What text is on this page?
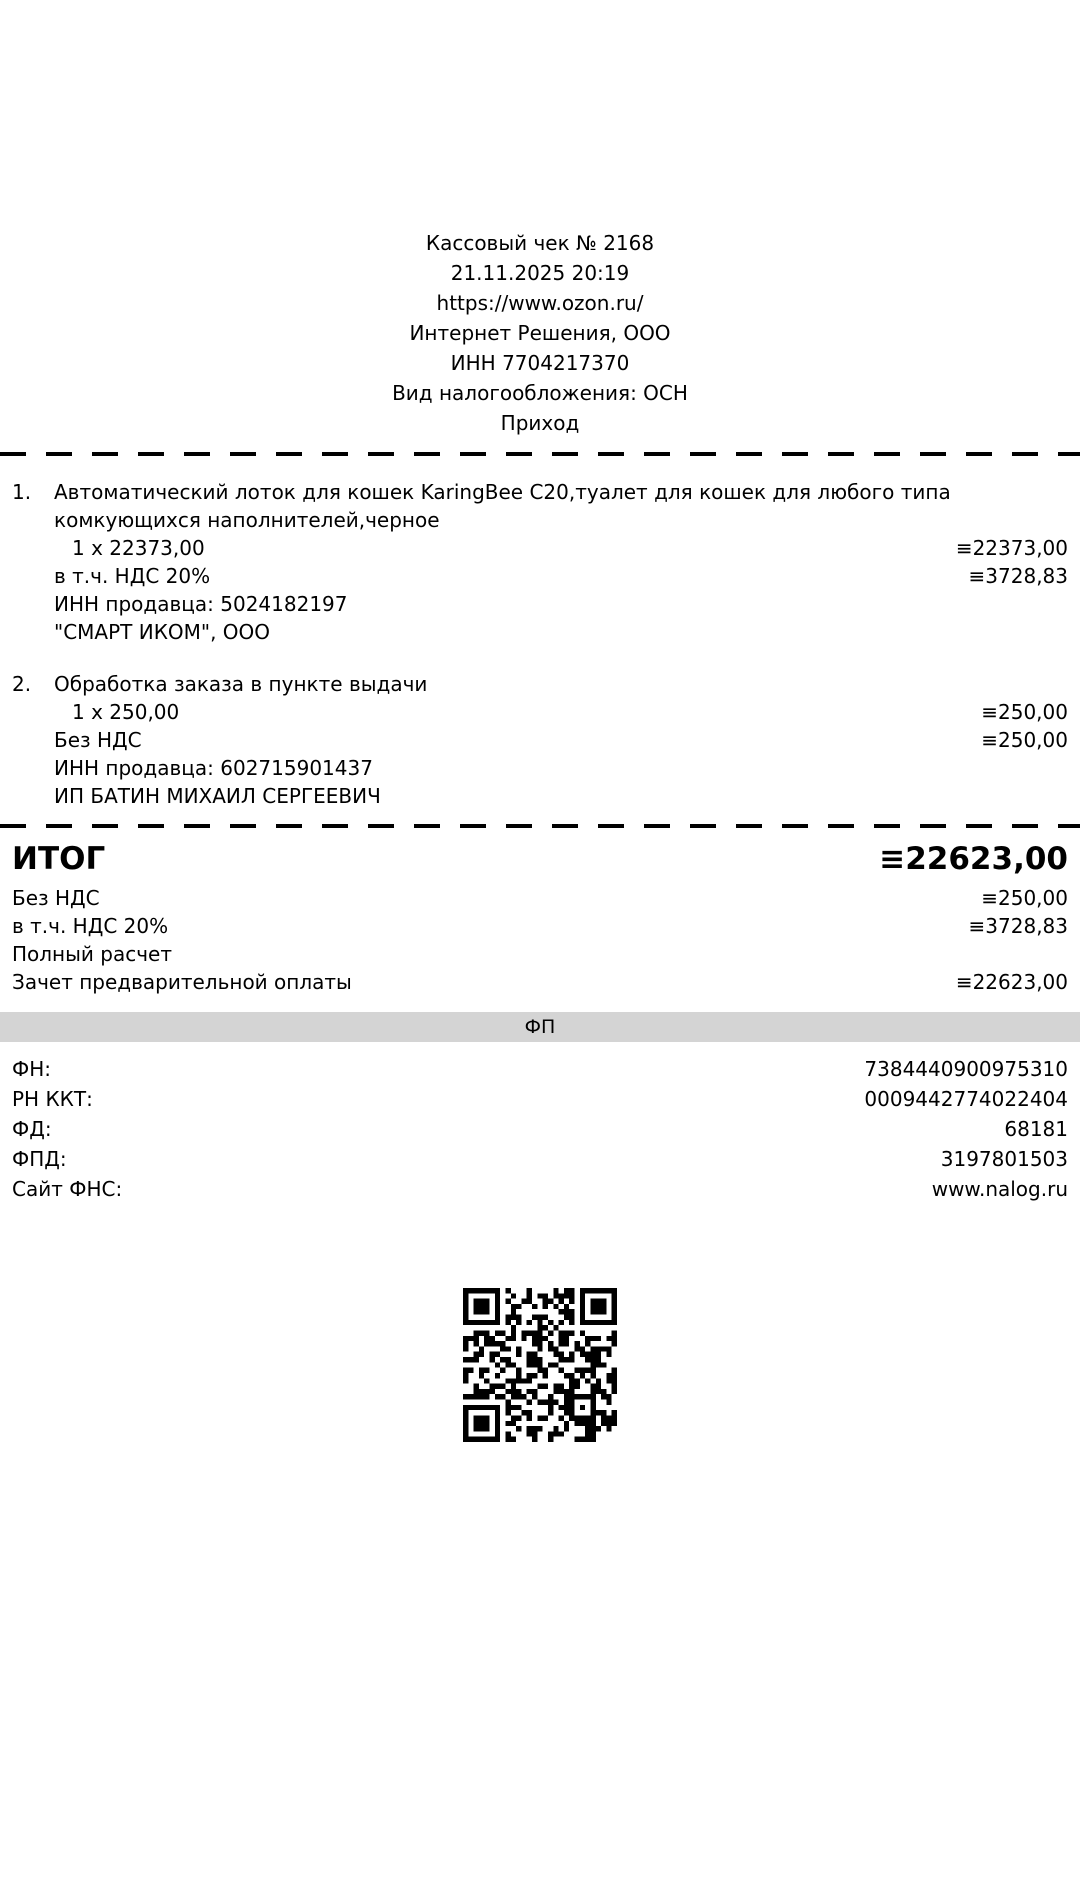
Кассовый чек № 2168
21.11.2025 20:19
https://www.ozon.ru/
Интернет Решения, ООО
ИНН 7704217370
Вид налогообложения: ОСН
Приход
1.	Автоматический лоток для кошек KaringBee C20,туалет для кошек для любого типа комкующихся наполнителей,черное
1 x 22373,00	≡22373,00
в т.ч. НДС 20%	≡3728,83
ИНН продавца: 5024182197
"СМАРТ ИКОМ", ООО
2.	Обработка заказа в пункте выдачи
1 x 250,00	≡250,00
Без НДС	≡250,00
ИНН продавца: 602715901437
ИП БАТИН МИХАИЛ СЕРГЕЕВИЧ
ИТОГ	≡22623,00
Без НДС	≡250,00
в т.ч. НДС 20%	≡3728,83
Полный расчет
Зачет предварительной оплаты	≡22623,00
ФП
ФН:	7384440900975310
РН ККТ:	0009442774022404
ФД:	68181
ФПД:	3197801503
Сайт ФНС:	www.nalog.ru
